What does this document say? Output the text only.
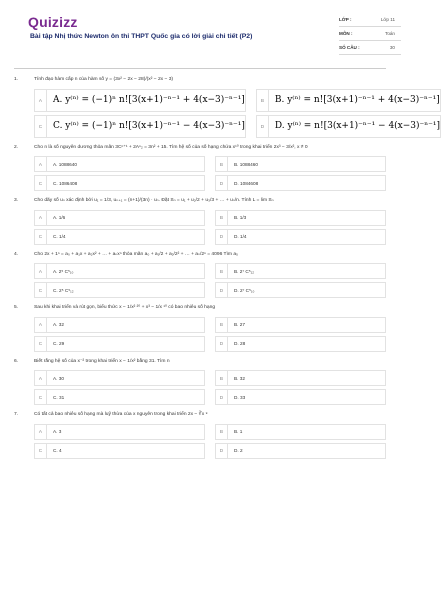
Quizizz
Bài tập Nhị thức Newton ôn thi THPT Quốc gia có lời giải chi tiết (P2)
LỚP :	Lớp 11
MÔN :	Toán
SỐ CÂU :	30
1.	Tính đạo hàm cấp n của hàm số y = (3x² − 2x − 28)/(x² − 2x − 3)
A	A. y⁽ⁿ⁾ = (−1)ⁿ n![3(x+1)⁻ⁿ⁻¹ + 4(x−3)⁻ⁿ⁻¹]	B	B. y⁽ⁿ⁾ = n![3(x+1)⁻ⁿ⁻¹ + 4(x−3)⁻ⁿ⁻¹]
C	C. y⁽ⁿ⁾ = (−1)ⁿ n![3(x+1)⁻ⁿ⁻¹ − 4(x−3)⁻ⁿ⁻¹]	D	D. y⁽ⁿ⁾ = n![3(x+1)⁻ⁿ⁻¹ − 4(x−3)⁻ⁿ⁻¹]
2.	Cho n là số nguyên dương thỏa mãn 3Cⁿ⁺¹ + 2Aⁿ₂ = 3n² + 15. Tìm hệ số của số hạng chứa x¹⁰ trong khai triển 2x³ − 3/x², x ≠ 0
A	A. 1088640	B	B. 1088460
C	C. 1086408	D	D. 1084608
3.	Cho dãy số uₙ xác định bởi u₁ = 1/3, uₙ₊₁ = (n+1)/(3n) · uₙ. Đặt Sₙ = u₁ + u₂/2 + u₃/3 + … + uₙ/n. Tính L = lim Sₙ
A	A. 1/6	B	B. 1/3
C	C. 1/4	D	D. 1/4
4.	Cho 2x + 1ⁿ = a₀ + a₁x + a₂x² + … + aₙxⁿ thỏa mãn a₀ + a₁/2 + a₂/2² + … + aₙ/2ⁿ = 4096 Tìm a₅
A	A. 2⁵ C⁵₁₀	B	B. 2⁷ C⁵₁₂
C	C. 2⁵ C⁵₁₂	D	D. 2⁷ C⁵₁₀
5.	Sau khi khai triển và rút gọn, biểu thức x − 1/x² ²⁰ + x³ − 1/x ¹⁰ có bao nhiêu số hạng
A	A. 32	B	B. 27
C	C. 29	D	D. 28
6.	Biết rằng hệ số của x⁻² trong khai triển x − 1/x² bằng 31. Tìm n
A	A. 30	B	B. 32
C	C. 31	D	D. 33
7.	Có tất cả bao nhiêu số hạng mà luỹ thừa của x nguyên trong khai triển 2x − ∛x ⁹
A	A. 3	B	B. 1
C	C. 4	D	D. 2
